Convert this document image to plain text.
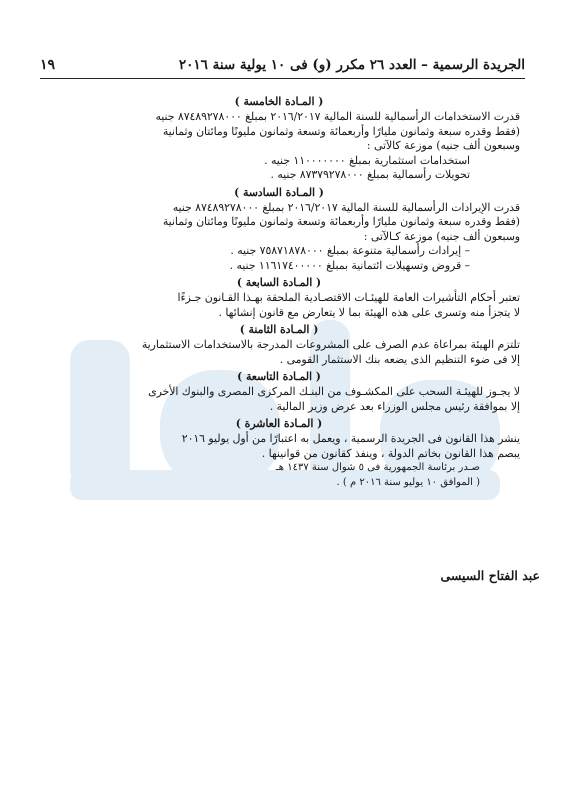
الجريدة الرسمية – العدد ٢٦ مكرر (و) فى ١٠ يولية سنة ٢٠١٦
١٩
( المـادة الخامسة )
قدرت الاستخدامات الرأسمالية للسنة المالية ٢٠١٦/٢٠١٧ بمبلغ ٨٧٤٨٩٢٧٨٠٠٠ جنيه
(فقط وقدره سبعة وثمانون مليارًا وأربعمائة وتسعة وثمانون مليونًا ومائتان وثمانية
وسبعون ألف جنيه) موزعة كالآتى :
استخدامات استثمارية بمبلغ ١١٠٠٠٠٠٠٠ جنيه .
تحويلات رأسمالية بمبلغ ٨٧٣٧٩٢٧٨٠٠٠ جنيه .
( المـادة السادسة )
قدرت الإيرادات الرأسمالية للسنة المالية ٢٠١٦/٢٠١٧ بمبلغ ٨٧٤٨٩٢٧٨٠٠٠ جنيه
(فقط وقدره سبعة وثمانون مليارًا وأربعمائة وتسعة وثمانون مليونًا ومائتان وثمانية
وسبعون ألف جنيه) موزعة كـالآتى :
– إيرادات رأسمالية متنوعة بمبلغ ٧٥٨٧١٨٧٨٠٠٠ جنيه .
– قروض وتسهيلات ائتمانية بمبلغ ١١٦١٧٤٠٠٠٠٠ جنيه .
( المـادة السابعة )
تعتبر أحكام التأشيرات العامة للهيئـات الاقتصـادية الملحقة بهـذا القـانون جـزءًا
لا يتجزأ منه وتسرى على هذه الهيئة بما لا يتعارض مع قانون إنشائها .
( المـادة الثامنة )
تلتزم الهيئة بمراعاة عدم الصرف على المشروعات المدرجة بالاستخدامات الاستثمارية
إلا فى ضوء التنظيم الذى يضعه بنك الاستثمار القومى .
( المـادة التاسعة )
لا يجـوز للهيئـة السحب على المكشـوف من البنـك المركزى المصرى والبنوك الأخرى
إلا بموافقة رئيس مجلس الوزراء بعد عرض وزير المالية .
( المـادة العاشرة )
ينشر هذا القانون فى الجريدة الرسمية ، ويعمل به اعتبارًا من أول يوليو ٢٠١٦
يبصم هذا القانون بخاتم الدولة ، وينفذ كقانون من قوانينها .
صـدر برئاسة الجمهورية فى ٥ شوال سنة ١٤٣٧ هـ
( الموافق ١٠ يوليو سنة ٢٠١٦ م ) .
عبد الفتاح السيسى
